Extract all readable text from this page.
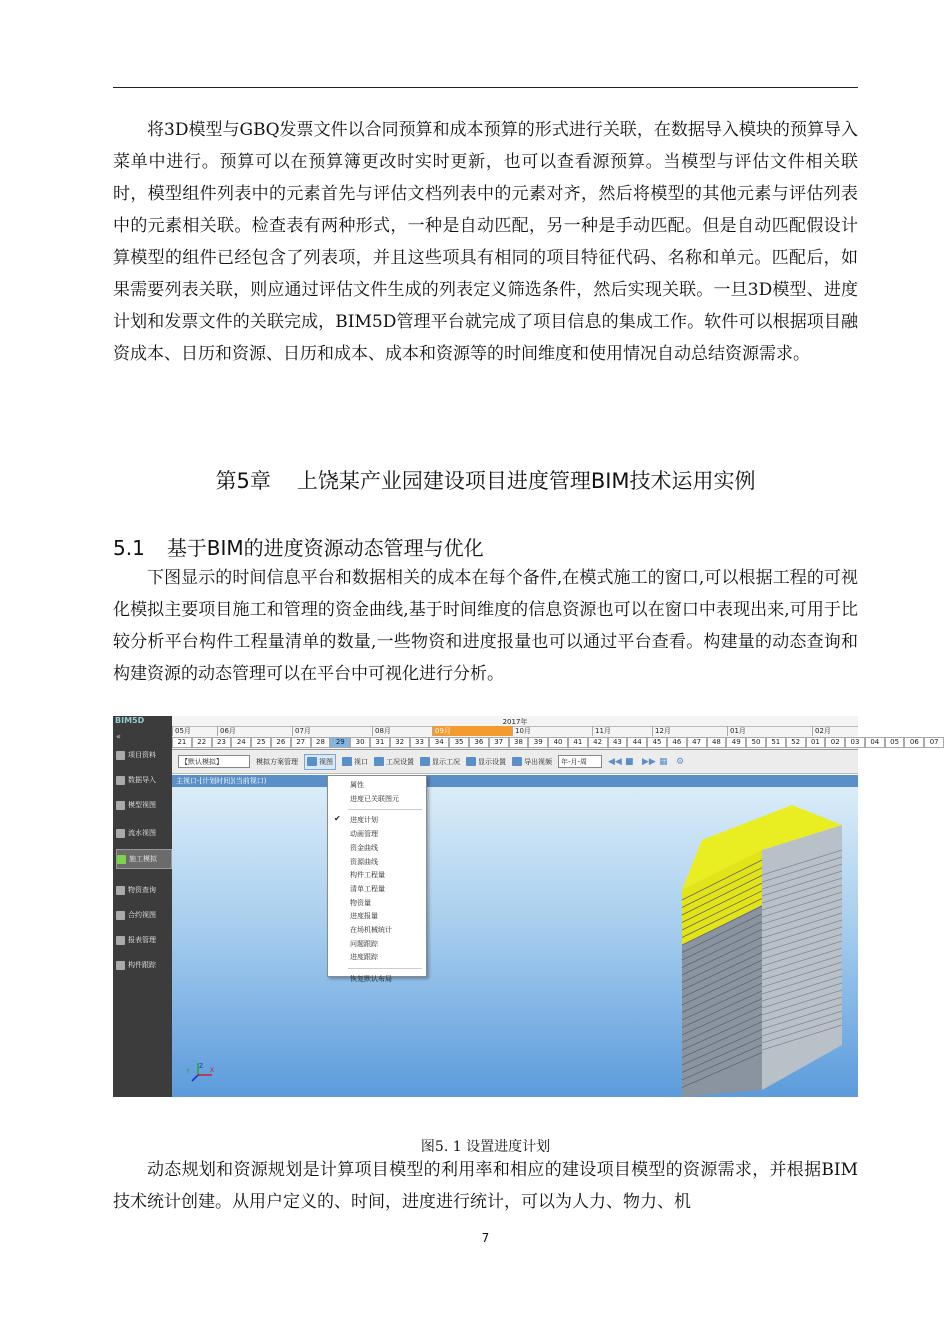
将3D模型与GBQ发票文件以合同预算和成本预算的形式进行关联，在数据导入模块的预算导入菜单中进行。预算可以在预算簿更改时实时更新，也可以查看源预算。当模型与评估文件相关联时，模型组件列表中的元素首先与评估文档列表中的元素对齐，然后将模型的其他元素与评估列表中的元素相关联。检查表有两种形式，一种是自动匹配，另一种是手动匹配。但是自动匹配假设计算模型的组件已经包含了列表项，并且这些项具有相同的项目特征代码、名称和单元。匹配后，如果需要列表关联，则应通过评估文件生成的列表定义筛选条件，然后实现关联。一旦3D模型、进度计划和发票文件的关联完成，BIM5D管理平台就完成了项目信息的集成工作。软件可以根据项目融资成本、日历和资源、日历和成本、成本和资源等的时间维度和使用情况自动总结资源需求。

第5章 上饶某产业园建设项目进度管理BIM技术运用实例
5.1 基于BIM的进度资源动态管理与优化

下图显示的时间信息平台和数据相关的成本在每个备件,在模式施工的窗口,可以根据工程的可视化模拟主要项目施工和管理的资金曲线,基于时间维度的信息资源也可以在窗口中表现出来,可用于比较分析平台构件工程量清单的数量,一些物资和进度报量也可以通过平台查看。构建量的动态查询和构建资源的动态管理可以在平台中可视化进行分析。

BIM5D
«
项目资料
数据导入
模型视图
流水视图
施工模拟
物资查询
合约视图
报表管理
构件跟踪
2017年
05月	06月	07月	08月	09月	10月	11月	12月	01月	02月
21	22	23	24	25	26	27	28	29	30	31	32	33	34	35	36	37	38	39	40	41	42	43	44	45	46	47	48	49	50	51	52	01	02	03	04	05	06	07
【默认模拟】	模拟方案管理	视图	视口	工况设置	显示工况	显示设置	导出视频	年-月-周	◀◀ ■ ▶▶ ▦ ⚙
主视口-[计划时间](当前视口)
Z
Y	X
属性
进度已关联图元
进度计划
✔
动画管理
资金曲线
资源曲线
构件工程量
清单工程量
物资量
进度报量
在场机械统计
问题跟踪
进度跟踪
恢复默认布局
图5. 1 设置进度计划

动态规划和资源规划是计算项目模型的利用率和相应的建设项目模型的资源需求，并根据BIM技术统计创建。从用户定义的、时间，进度进行统计，可以为人力、物力、机

7
